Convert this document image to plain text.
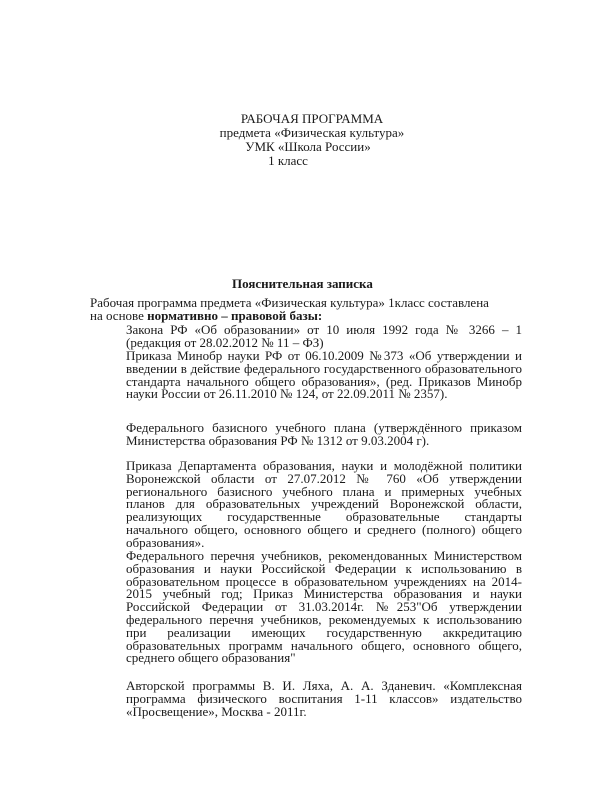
РАБОЧАЯ ПРОГРАММА
предмета «Физическая культура»
УМК «Школа России»
1 класс
Пояснительная записка
Рабочая программа предмета «Физическая культура» 1класс составлена
на основе нормативно – правовой базы:

Закона РФ «Об образовании» от 10 июля 1992 года № 3266 – 1 (редакция от 28.02.2012 № 11 – ФЗ)

Приказа Минобр науки РФ от 06.10.2009 №373 «Об утверждении и введении в действие федерального государственного образовательного стандарта начального общего образования», (ред. Приказов Минобр науки России от 26.11.2010 № 124, от 22.09.2011 № 2357).

Федерального базисного учебного плана (утверждённого приказом Министерства образования РФ № 1312 от 9.03.2004 г).

Приказа Департамента образования, науки и молодёжной политики Воронежской области от 27.07.2012 № 760 «Об утверждении регионального базисного учебного плана и примерных учебных планов для образовательных учреждений Воронежской области, реализующих государственные образовательные стандарты начального общего, основного общего и среднего (полного) общего образования».

Федерального перечня учебников, рекомендованных Министерством образования и науки Российской Федерации к использованию в образовательном процессе в образовательном учреждениях на 2014-2015 учебный год; Приказ Министерства образования и науки Российской Федерации от 31.03.2014г. №253"Об утверждении федерального перечня учебников, рекомендуемых к использованию при реализации имеющих государственную аккредитацию образовательных программ начального общего, основного общего, среднего общего образования"

Авторской программы В. И. Ляха, А. А. Зданевич. «Комплексная программа физического воспитания 1-11 классов» издательство «Просвещение», Москва - 2011г.
